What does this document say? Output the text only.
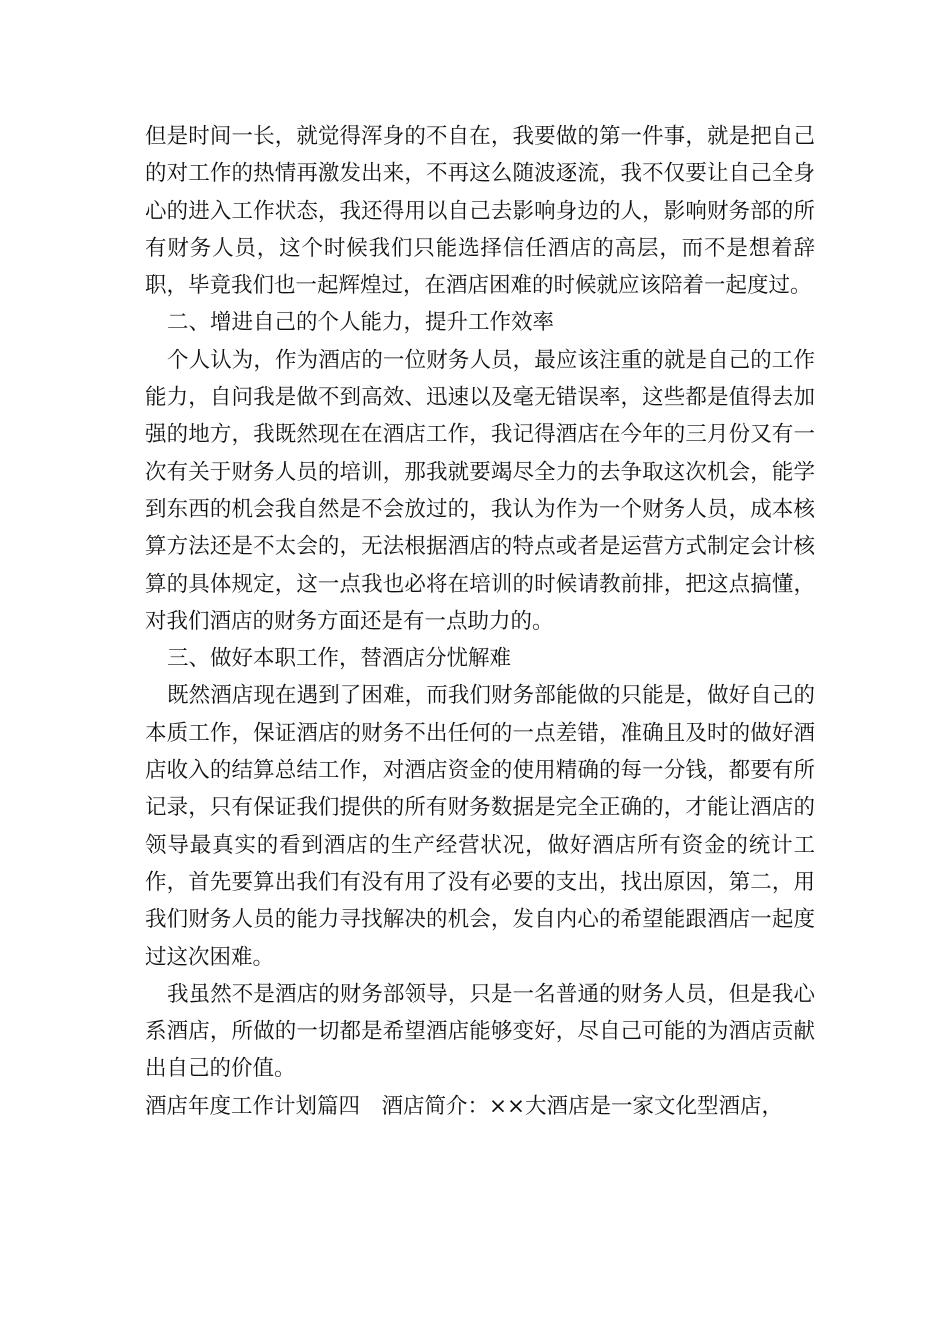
但是时间一长，就觉得浑身的不自在，我要做的第一件事，就是把自己的对工作的热情再激发出来，不再这么随波逐流，我不仅要让自己全身心的进入工作状态，我还得用以自己去影响身边的人，影响财务部的所有财务人员，这个时候我们只能选择信任酒店的高层，而不是想着辞职，毕竟我们也一起辉煌过，在酒店困难的时候就应该陪着一起度过。

二、增进自己的个人能力，提升工作效率

个人认为，作为酒店的一位财务人员，最应该注重的就是自己的工作能力，自问我是做不到高效、迅速以及毫无错误率，这些都是值得去加强的地方，我既然现在在酒店工作，我记得酒店在今年的三月份又有一次有关于财务人员的培训，那我就要竭尽全力的去争取这次机会，能学到东西的机会我自然是不会放过的，我认为作为一个财务人员，成本核算方法还是不太会的，无法根据酒店的特点或者是运营方式制定会计核算的具体规定，这一点我也必将在培训的时候请教前排，把这点搞懂，对我们酒店的财务方面还是有一点助力的。

三、做好本职工作，替酒店分忧解难

既然酒店现在遇到了困难，而我们财务部能做的只能是，做好自己的本质工作，保证酒店的财务不出任何的一点差错，准确且及时的做好酒店收入的结算总结工作，对酒店资金的使用精确的每一分钱，都要有所记录，只有保证我们提供的所有财务数据是完全正确的，才能让酒店的领导最真实的看到酒店的生产经营状况，做好酒店所有资金的统计工作，首先要算出我们有没有用了没有必要的支出，找出原因，第二，用我们财务人员的能力寻找解决的机会，发自内心的希望能跟酒店一起度过这次困难。

我虽然不是酒店的财务部领导，只是一名普通的财务人员，但是我心系酒店，所做的一切都是希望酒店能够变好，尽自己可能的为酒店贡献出自己的价值。

酒店年度工作计划篇四　酒店简介：××大酒店是一家文化型酒店，
